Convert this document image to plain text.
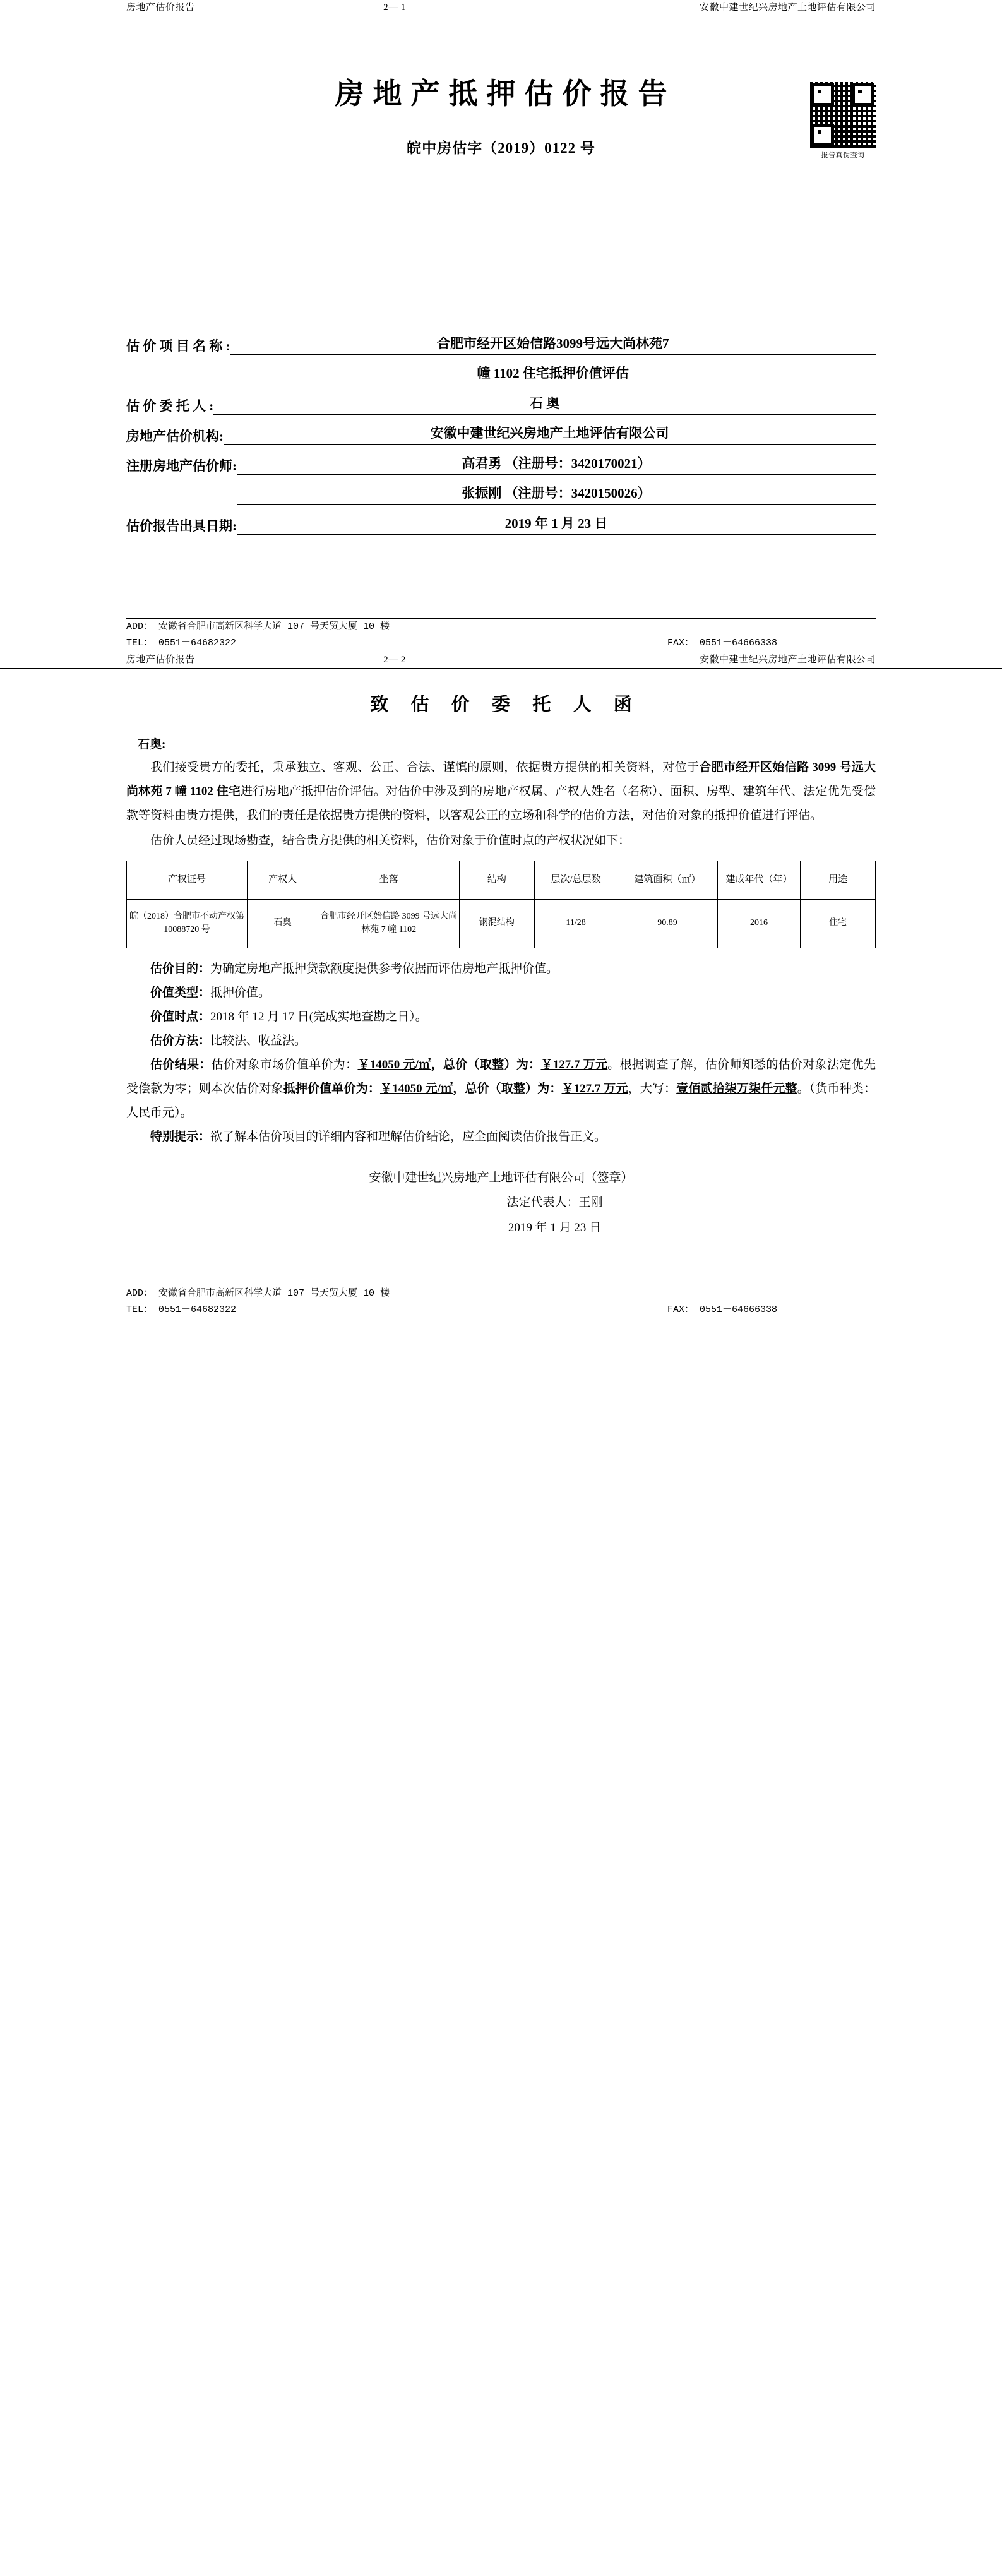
房地产估价报告	2— 1	安徽中建世纪兴房地产土地评估有限公司
报告真伪查询
房地产抵押估价报告
皖中房估字（2019）0122 号
估 价 项 目 名 称 :	合肥市经开区始信路3099号远大尚林苑7
幢 1102 住宅抵押价值评估
估 价 委 托 人 :	石 奥
房地产估价机构:	安徽中建世纪兴房地产土地评估有限公司
注册房地产估价师:	高君勇 （注册号：3420170021）
张振刚 （注册号：3420150026）
估价报告出具日期:	2019 年 1 月 23 日
ADD： 安徽省合肥市高新区科学大道 107 号天贸大厦 10 楼
TEL： 0551－64682322	FAX： 0551－64666338
房地产估价报告	2— 2	安徽中建世纪兴房地产土地评估有限公司
致 估 价 委 托 人 函
石奥:

我们接受贵方的委托，秉承独立、客观、公正、合法、谨慎的原则，依据贵方提供的相关资料，对位于合肥市经开区始信路 3099 号远大尚林苑 7 幢 1102 住宅进行房地产抵押估价评估。对估价中涉及到的房地产权属、产权人姓名（名称）、面积、房型、建筑年代、法定优先受偿款等资料由贵方提供，我们的责任是依据贵方提供的资料，以客观公正的立场和科学的估价方法，对估价对象的抵押价值进行评估。

估价人员经过现场勘查，结合贵方提供的相关资料，估价对象于价值时点的产权状况如下：

产权证号	产权人	坐落	结构	层次/总层数	建筑面积（㎡）	建成年代（年）	用途
皖（2018）合肥市不动产权第 10088720 号	石奥	合肥市经开区始信路 3099 号远大尚林苑 7 幢 1102	钢混结构	11/28	90.89	2016	住宅

估价目的：为确定房地产抵押贷款额度提供参考依据而评估房地产抵押价值。

价值类型：抵押价值。

价值时点：2018 年 12 月 17 日(完成实地查勘之日）。

估价方法：比较法、收益法。

估价结果：估价对象市场价值单价为：￥14050 元/㎡，总价（取整）为：￥127.7 万元。根据调查了解，估价师知悉的估价对象法定优先受偿款为零；则本次估价对象抵押价值单价为：￥14050 元/㎡，总价（取整）为：￥127.7 万元，大写：壹佰贰拾柒万柒仟元整。（货币种类：人民币元）。

特别提示：欲了解本估价项目的详细内容和理解估价结论，应全面阅读估价报告正文。

安徽中建世纪兴房地产土地评估有限公司（签章）
法定代表人：王刚
2019 年 1 月 23 日
ADD： 安徽省合肥市高新区科学大道 107 号天贸大厦 10 楼
TEL： 0551－64682322	FAX： 0551－64666338
